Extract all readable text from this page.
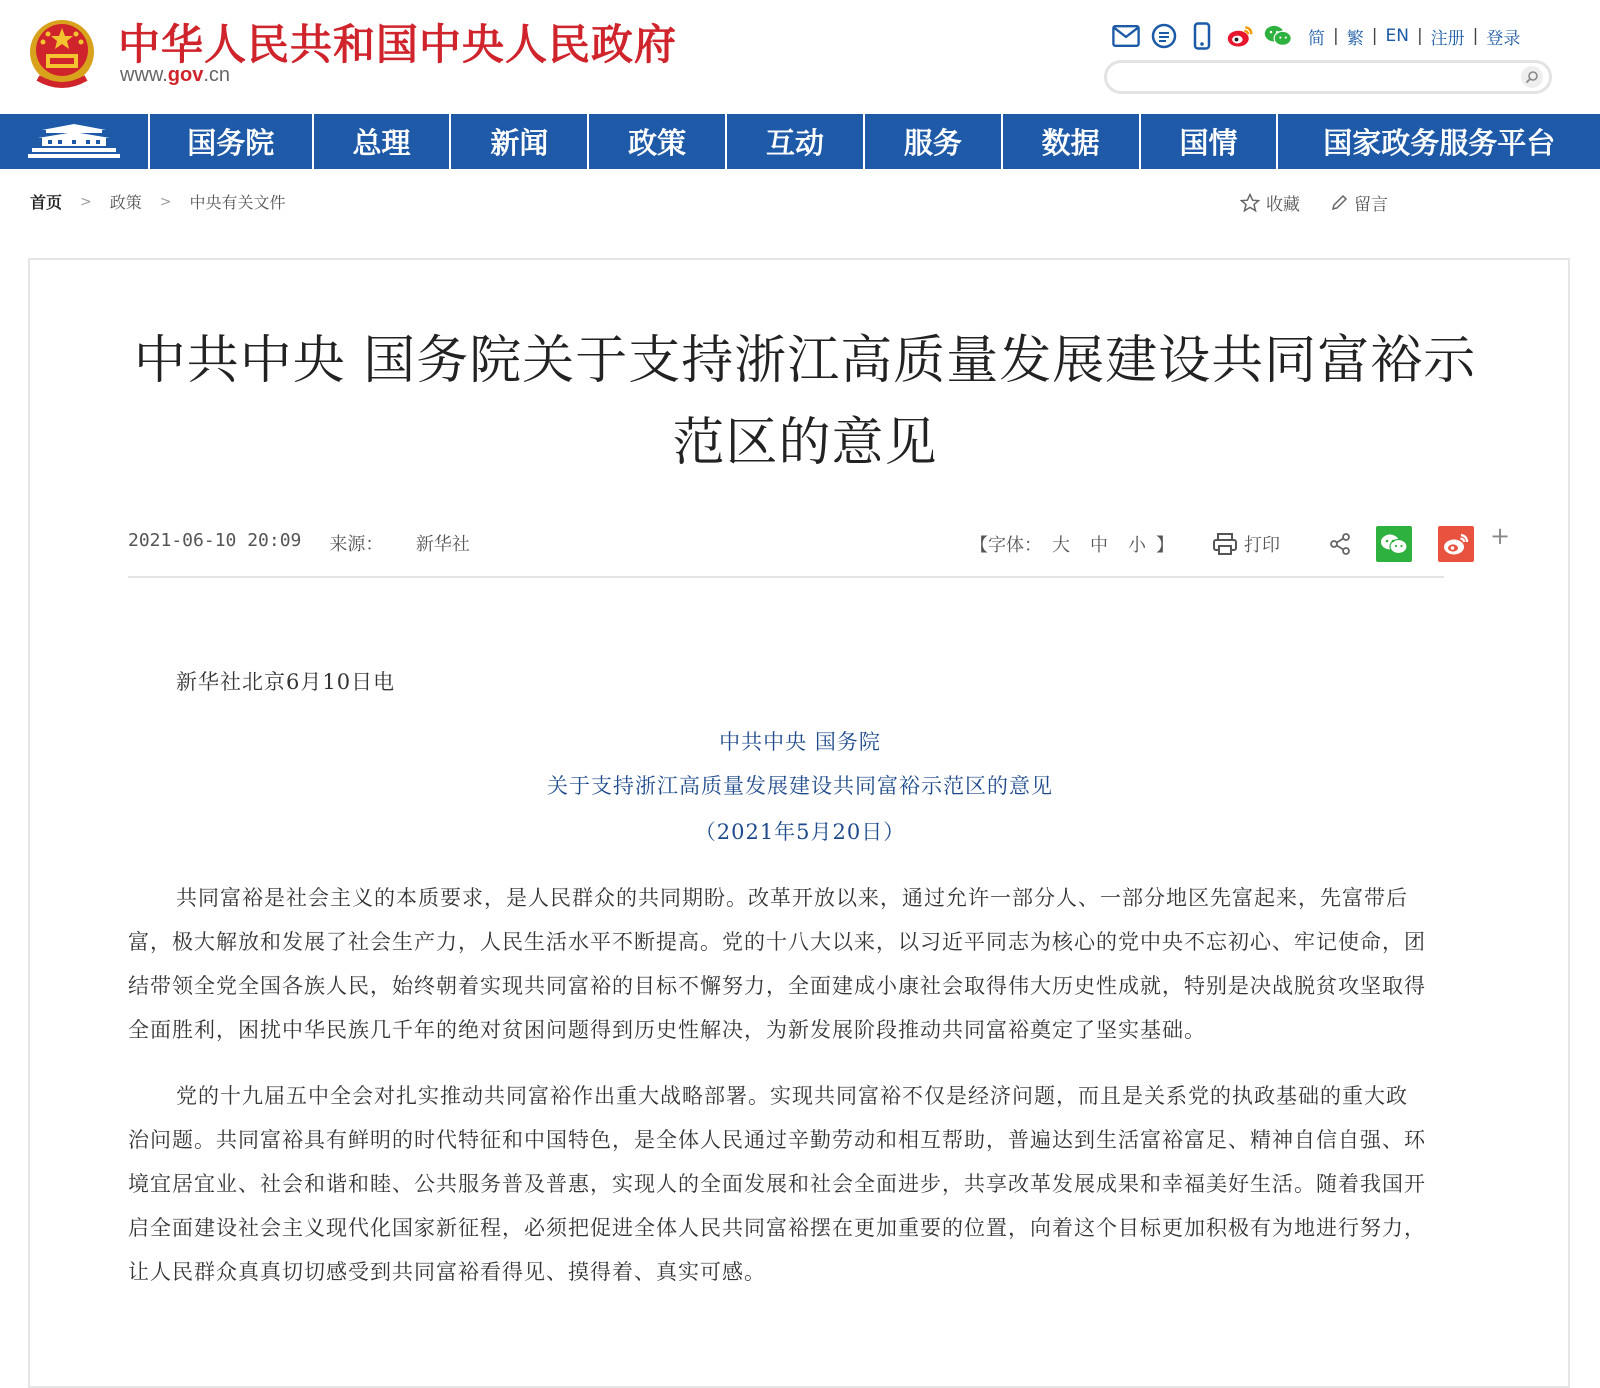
中华人民共和国中央人民政府
www.gov.cn
简 | 繁 | EN | 注册 | 登录
国务院	总理	新闻	政策	互动	服务	数据	国情	国家政务服务平台
首页 > 政策 > 中央有关文件	收藏	留言
中共中央 国务院关于支持浙江高质量发展建设共同富裕示范区的意见
2021-06-10 20:09 来源： 新华社	【字体： 大 中 小 】	打印	+
新华社北京6月10日电
中共中央 国务院
关于支持浙江高质量发展建设共同富裕示范区的意见
（2021年5月20日）

共同富裕是社会主义的本质要求，是人民群众的共同期盼。改革开放以来，通过允许一部分人、一部分地区先富起来，先富带后富，极大解放和发展了社会生产力，人民生活水平不断提高。党的十八大以来，以习近平同志为核心的党中央不忘初心、牢记使命，团结带领全党全国各族人民，始终朝着实现共同富裕的目标不懈努力，全面建成小康社会取得伟大历史性成就，特别是决战脱贫攻坚取得全面胜利，困扰中华民族几千年的绝对贫困问题得到历史性解决，为新发展阶段推动共同富裕奠定了坚实基础。

党的十九届五中全会对扎实推动共同富裕作出重大战略部署。实现共同富裕不仅是经济问题，而且是关系党的执政基础的重大政治问题。共同富裕具有鲜明的时代特征和中国特色，是全体人民通过辛勤劳动和相互帮助，普遍达到生活富裕富足、精神自信自强、环境宜居宜业、社会和谐和睦、公共服务普及普惠，实现人的全面发展和社会全面进步，共享改革发展成果和幸福美好生活。随着我国开启全面建设社会主义现代化国家新征程，必须把促进全体人民共同富裕摆在更加重要的位置，向着这个目标更加积极有为地进行努力，让人民群众真真切切感受到共同富裕看得见、摸得着、真实可感。
